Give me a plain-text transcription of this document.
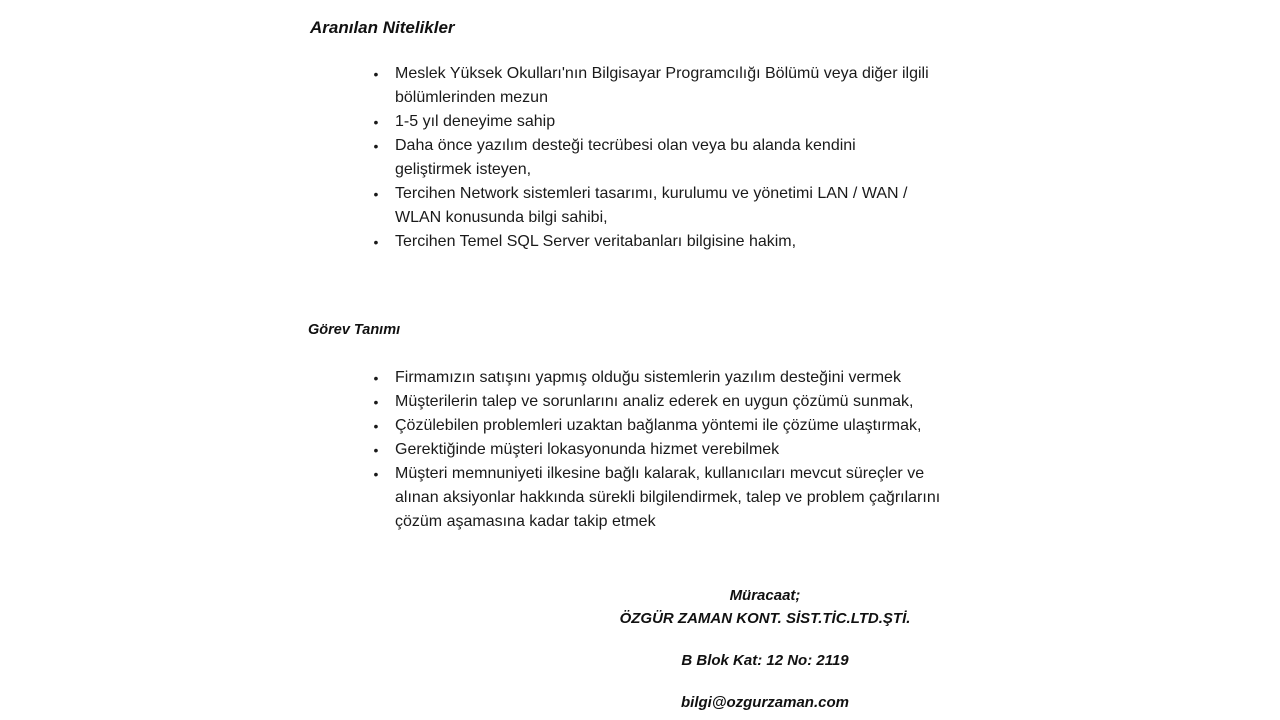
Aranılan Nitelikler
• Meslek Yüksek Okulları'nın Bilgisayar Programcılığı Bölümü veya diğer ilgili bölümlerinden mezun
• 1-5 yıl deneyime sahip
• Daha önce yazılım desteği tecrübesi olan veya bu alanda kendini geliştirmek isteyen,
• Tercihen Network sistemleri tasarımı, kurulumu ve yönetimi LAN / WAN / WLAN konusunda bilgi sahibi,
• Tercihen Temel SQL Server veritabanları bilgisine hakim,
Görev Tanımı
• Firmamızın satışını yapmış olduğu sistemlerin yazılım desteğini vermek
• Müşterilerin talep ve sorunlarını analiz ederek en uygun çözümü sunmak,
• Çözülebilen problemleri uzaktan bağlanma yöntemi ile çözüme ulaştırmak,
• Gerektiğinde müşteri lokasyonunda hizmet verebilmek
• Müşteri memnuniyeti ilkesine bağlı kalarak, kullanıcıları mevcut süreçler ve alınan aksiyonlar hakkında sürekli bilgilendirmek, talep ve problem çağrılarını çözüm aşamasına kadar takip etmek
Müracaat;
ÖZGÜR ZAMAN KONT. SİST.TİC.LTD.ŞTİ.
B Blok Kat: 12 No: 2119
bilgi@ozgurzaman.com
